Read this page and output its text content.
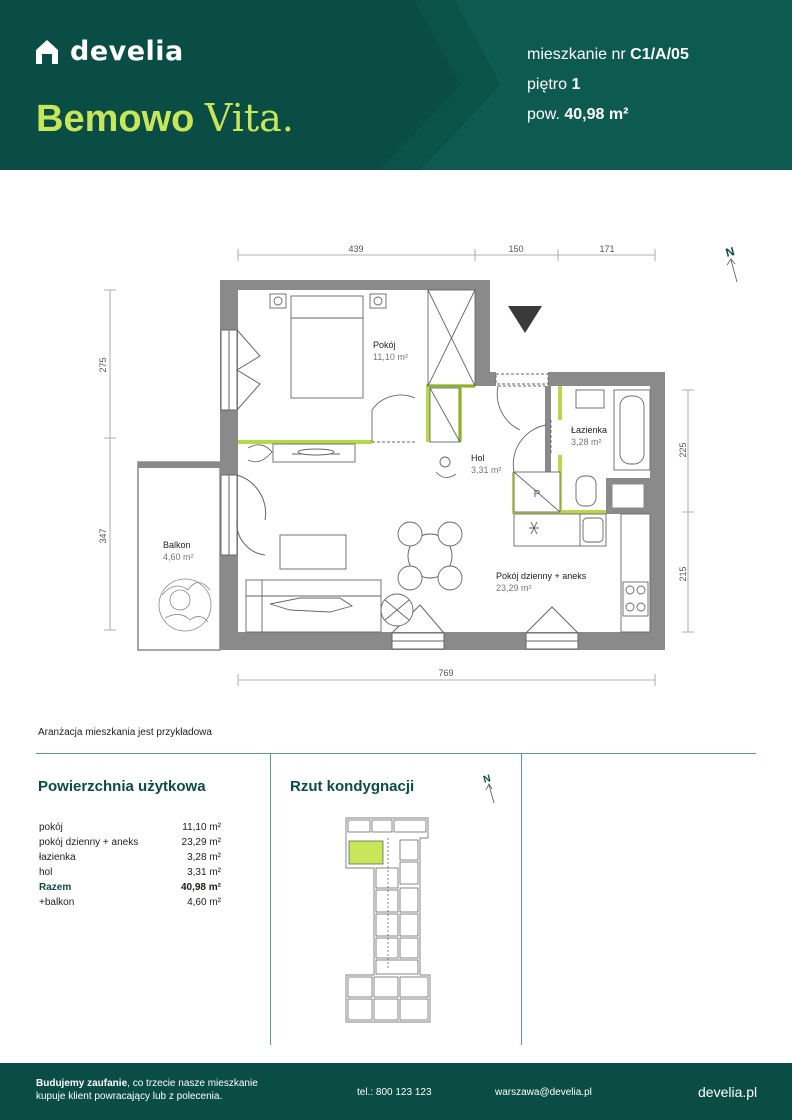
develia
Bemowo Vita.
mieszkanie nr C1/A/05
piętro 1
pow. 40,98 m²
439	150	171
275
347
225
215
769
N
P
Pokój
11,10 m²
Łazienka
3,28 m²
Hol
3,31 m²
Balkon
4,60 m²
Pokój dzienny + aneks
23,29 m²
Aranżacja mieszkania jest przykładowa
Powierzchnia użytkowa
pokój	11,10 m²
pokój dzienny + aneks	23,29 m²
łazienka	3,28 m²
hol	3,31 m²
Razem	40,98 m²
+balkon	4,60 m²
Rzut kondygnacji	N
Budujemy zaufanie, co trzecie nasze mieszkanie
kupuje klient powracający lub z polecenia.	tel.: 800 123 123	warszawa@develia.pl	develia.pl
